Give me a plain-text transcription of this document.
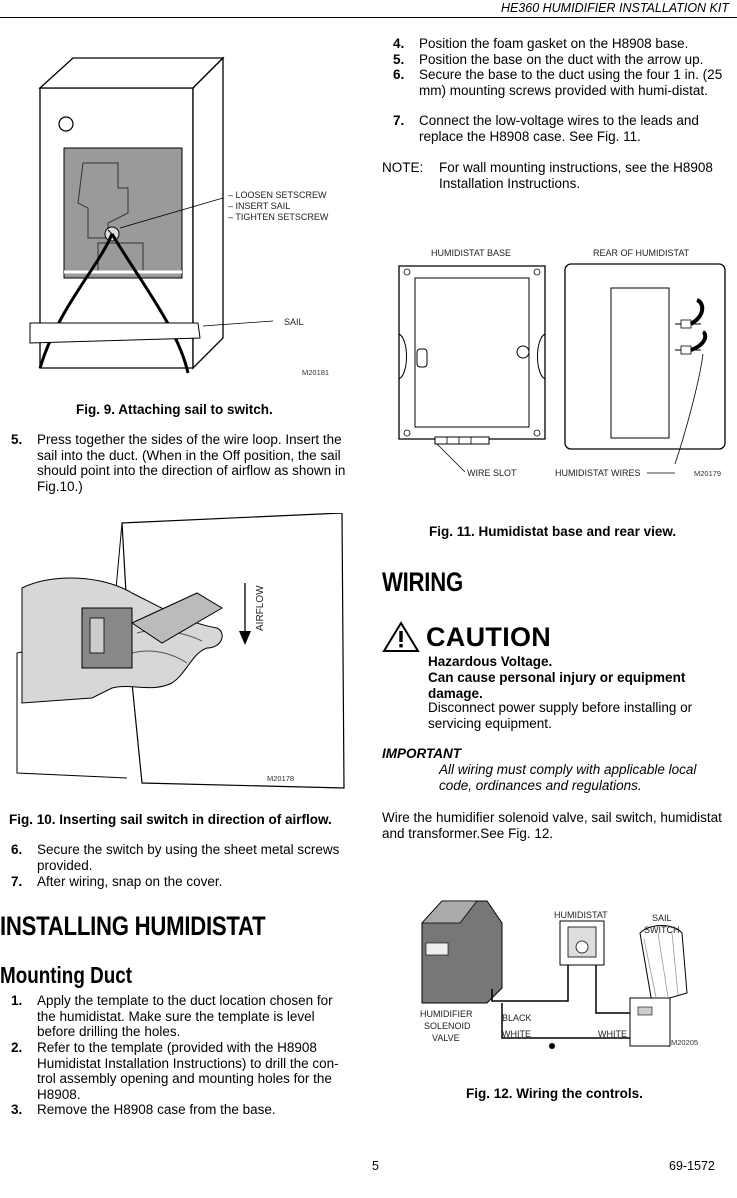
HE360 HUMIDIFIER INSTALLATION KIT
– LOOSEN SETSCREW
– INSERT SAIL
– TIGHTEN SETSCREW
SAIL
M20181
Fig. 9. Attaching sail to switch.
5.	Press together the sides of the wire loop. Insert the sail into the duct. (When in the Off position, the sail should point into the direction of airflow as shown in Fig.10.)
AIRFLOW
M20178
Fig. 10. Inserting sail switch in direction of airflow.
6.	Secure the switch by using the sheet metal screws provided.
7.	After wiring, snap on the cover.
INSTALLING HUMIDISTAT
Mounting Duct
1.	Apply the template to the duct location chosen for the humidistat. Make sure the template is level before drilling the holes.
2.	Refer to the template (provided with the H8908 Humidistat Installation Instructions) to drill the con-trol assembly opening and mounting holes for the H8908.
3.	Remove the H8908 case from the base.
4.	Position the foam gasket on the H8908 base.
5.	Position the base on the duct with the arrow up.
6.	Secure the base to the duct using the four 1 in. (25 mm) mounting screws provided with humi-distat.
7.	Connect the low-voltage wires to the leads and replace the H8908 case. See Fig. 11.
NOTE: For wall mounting instructions, see the H8908 Installation Instructions.
HUMIDISTAT BASE	REAR OF HUMIDISTAT
WIRE SLOT	HUMIDISTAT WIRES	M20179
Fig. 11. Humidistat base and rear view.
WIRING
CAUTION
Hazardous Voltage.
Can cause personal injury or equipment damage.
Disconnect power supply before installing or servicing equipment.
IMPORTANT
All wiring must comply with applicable local code, ordinances and regulations.
Wire the humidifier solenoid valve, sail switch, humidistat and transformer.See Fig. 12.
HUMIDISTAT	SAIL
SWITCH
HUMIDIFIER
SOLENOID
VALVE
BLACK
WHITE	WHITE
M20205
Fig. 12. Wiring the controls.
5	69-1572
